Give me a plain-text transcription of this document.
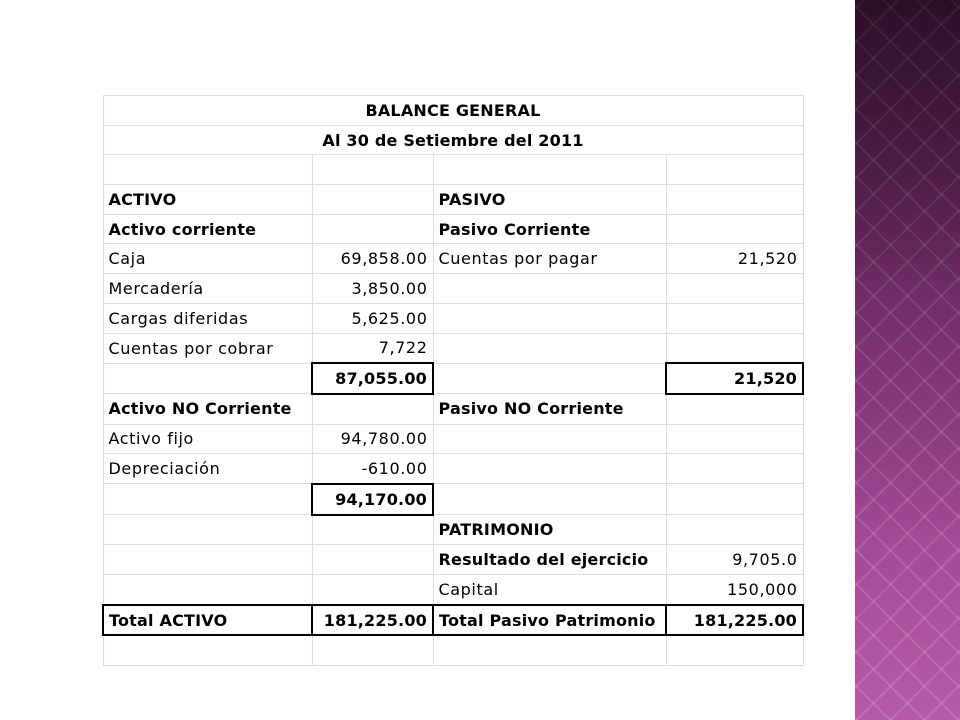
BALANCE GENERAL			
Al 30 de Setiembre del 2011			

ACTIVO		PASIVO	
Activo corriente		Pasivo Corriente	
Caja	69,858.00	Cuentas por pagar	21,520
Mercadería	3,850.00		
Cargas diferidas	5,625.00		
Cuentas por cobrar	7,722		
	87,055.00		21,520
Activo NO Corriente		Pasivo NO Corriente	
Activo fijo	94,780.00		
Depreciación	-610.00		
	94,170.00		
		PATRIMONIO	
		Resultado del ejercicio	9,705.0
		Capital	150,000
Total ACTIVO	181,225.00	Total Pasivo Patrimonio	181,225.00
